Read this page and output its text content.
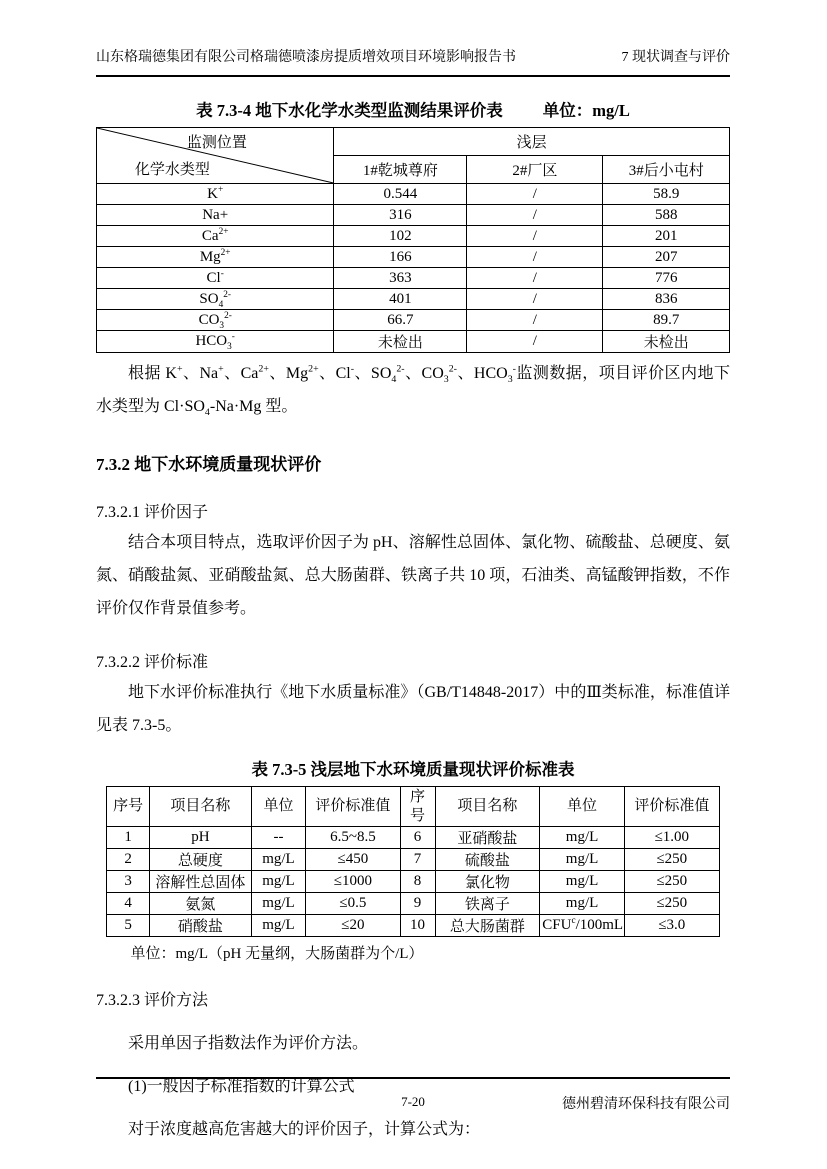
山东格瑞德集团有限公司格瑞德喷漆房提质增效项目环境影响报告书	7 现状调查与评价
表 7.3-4 地下水化学水类型监测结果评价表 单位：mg/L
监测位置
化学水类型	浅层		
	1#乾城尊府	2#厂区	3#后小屯村
K+	0.544	/	58.9
Na+	316	/	588
$Ca^{2+}$	102	/	201
$Mg^{2+}$	166	/	207
Cl-	363	/	776
$SO_4^{2-}$	401	/	836
$CO_3^{2-}$	66.7	/	89.7
$HCO_3^-$	未检出	/	未检出

根据 K+、Na+、$Ca^{2+}$、$Mg^{2+}$、Cl-、$SO_4^{2-}$、$CO_3^{2-}$、$HCO_3^-$监测数据，项目评价区内地下水类型为 $Cl\cdot SO_4-Na\cdot Mg$ 型。

7.3.2 地下水环境质量现状评价

7.3.2.1 评价因子

结合本项目特点，选取评价因子为 pH、溶解性总固体、氯化物、硫酸盐、总硬度、氨氮、硝酸盐氮、亚硝酸盐氮、总大肠菌群、铁离子共 10 项，石油类、高锰酸钾指数，不作评价仅作背景值参考。

7.3.2.2 评价标准

地下水评价标准执行《地下水质量标准》（GB/T14848-2017）中的Ⅲ类标准，标准值详见表 7.3-5。

表 7.3-5 浅层地下水环境质量现状评价标准表

序号	项目名称	单位	评价标准值	序号	项目名称	单位	评价标准值
1	pH	--	6.5~8.5	6	亚硝酸盐	mg/L	≤1.00
2	总硬度	mg/L	≤450	7	硫酸盐	mg/L	≤250
3	溶解性总固体	mg/L	≤1000	8	氯化物	mg/L	≤250
4	氨氮	mg/L	≤0.5	9	铁离子	mg/L	≤250
5	硝酸盐	mg/L	≤20	10	总大肠菌群	$CFU^c/100mL$	≤3.0

单位：mg/L（pH 无量纲，大肠菌群为个/L）

7.3.2.3 评价方法

采用单因子指数法作为评价方法。

(1)一般因子标准指数的计算公式

对于浓度越高危害越大的评价因子，计算公式为：

7-20	德州碧清环保科技有限公司
